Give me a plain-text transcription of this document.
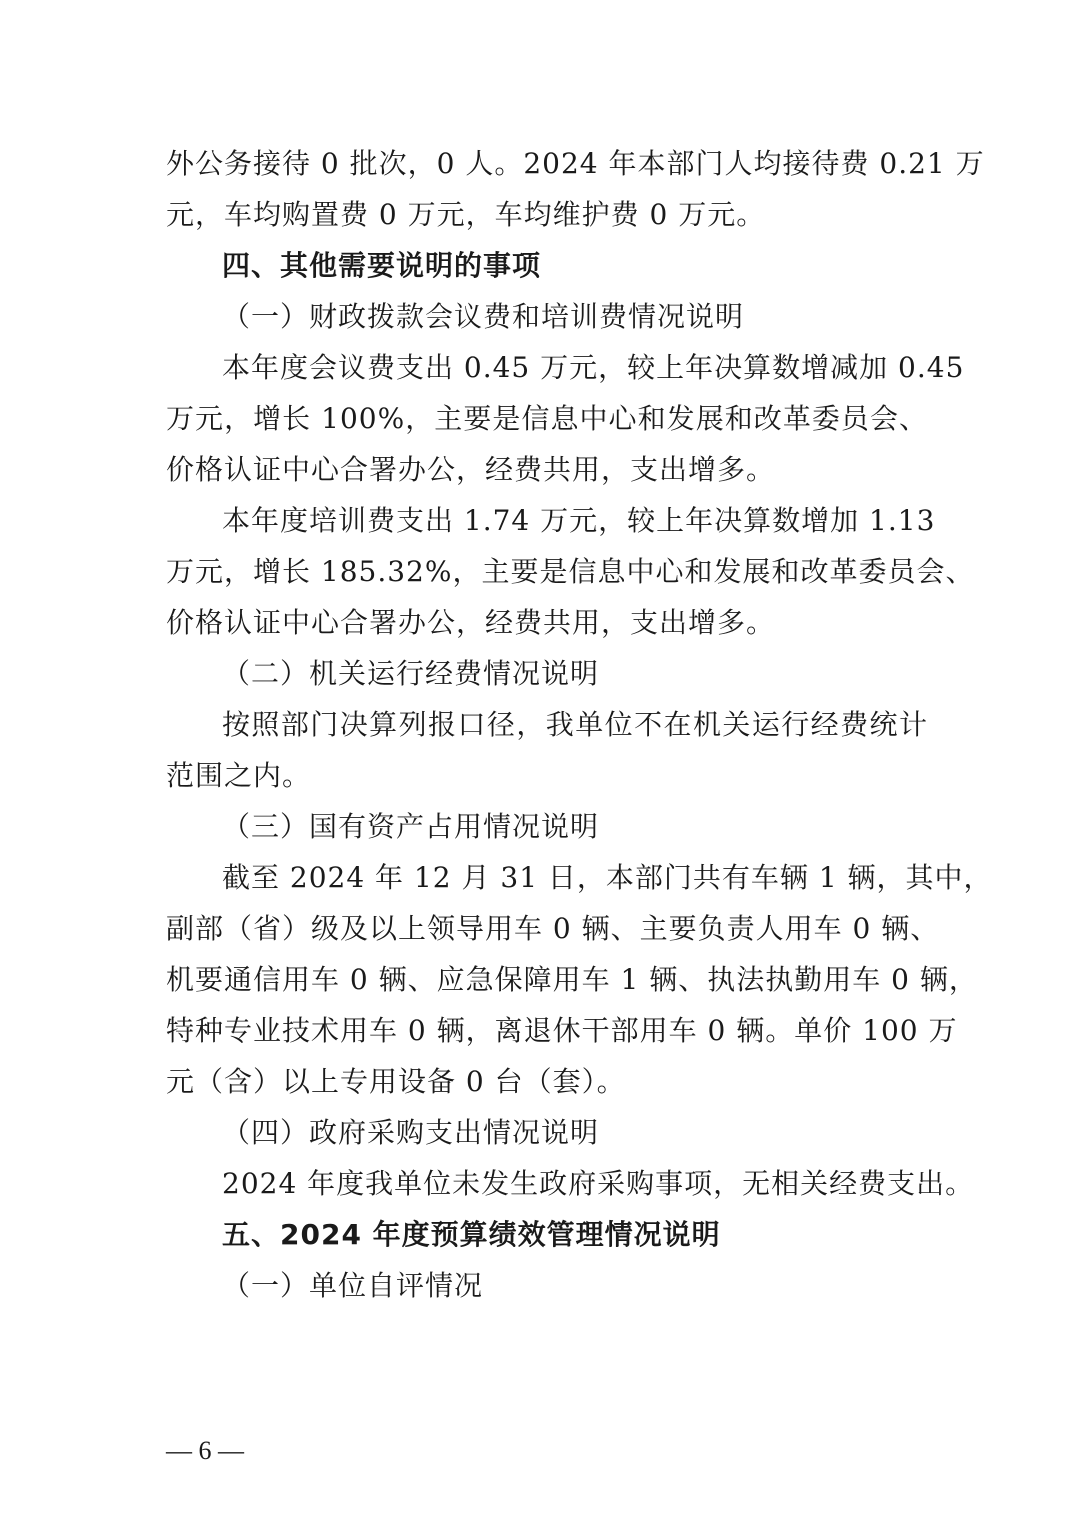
外公务接待 0 批次，0 人。2024 年本部门人均接待费 0.21 万
元，车均购置费 0 万元，车均维护费 0 万元。
四、其他需要说明的事项
（一）财政拨款会议费和培训费情况说明
本年度会议费支出 0.45 万元，较上年决算数增减加 0.45
万元，增长 100%，主要是信息中心和发展和改革委员会、
价格认证中心合署办公，经费共用，支出增多。
本年度培训费支出 1.74 万元，较上年决算数增加 1.13
万元，增长 185.32%，主要是信息中心和发展和改革委员会、
价格认证中心合署办公，经费共用，支出增多。
（二）机关运行经费情况说明
按照部门决算列报口径，我单位不在机关运行经费统计
范围之内。
（三）国有资产占用情况说明
截至 2024 年 12 月 31 日，本部门共有车辆 1 辆，其中，
副部（省）级及以上领导用车 0 辆、主要负责人用车 0 辆、
机要通信用车 0 辆、应急保障用车 1 辆、执法执勤用车 0 辆，
特种专业技术用车 0 辆，离退休干部用车 0 辆。单价 100 万
元（含）以上专用设备 0 台（套）。
（四）政府采购支出情况说明
2024 年度我单位未发生政府采购事项，无相关经费支出。
五、2024 年度预算绩效管理情况说明
（一）单位自评情况
— 6 —
